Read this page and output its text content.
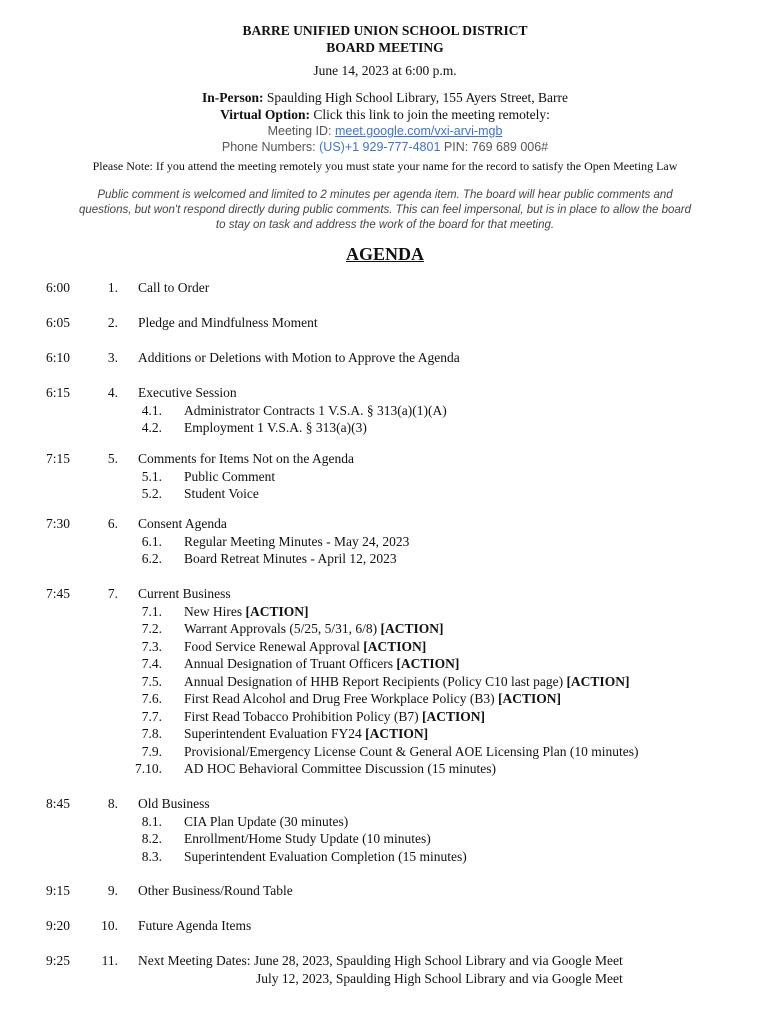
BARRE UNIFIED UNION SCHOOL DISTRICT
BOARD MEETING
June 14, 2023 at 6:00 p.m.
In-Person: Spaulding High School Library, 155 Ayers Street, Barre
Virtual Option: Click this link to join the meeting remotely:
Meeting ID: meet.google.com/vxi-arvi-mgb
Phone Numbers: (US)+1 929-777-4801 PIN: 769 689 006#
Please Note: If you attend the meeting remotely you must state your name for the record to satisfy the Open Meeting Law
Public comment is welcomed and limited to 2 minutes per agenda item. The board will hear public comments and questions, but won't respond directly during public comments. This can feel impersonal, but is in place to allow the board to stay on task and address the work of the board for that meeting.
AGENDA
6:00	1. Call to Order
6:05	2. Pledge and Mindfulness Moment
6:10	3. Additions or Deletions with Motion to Approve the Agenda
6:15	4. Executive Session
4.1. Administrator Contracts 1 V.S.A. § 313(a)(1)(A)
4.2. Employment 1 V.S.A. § 313(a)(3)
7:15	5. Comments for Items Not on the Agenda
5.1. Public Comment
5.2. Student Voice
7:30	6. Consent Agenda
6.1. Regular Meeting Minutes - May 24, 2023
6.2. Board Retreat Minutes - April 12, 2023
7:45	7. Current Business
7.1. New Hires [ACTION]
7.2. Warrant Approvals (5/25, 5/31, 6/8) [ACTION]
7.3. Food Service Renewal Approval [ACTION]
7.4. Annual Designation of Truant Officers [ACTION]
7.5. Annual Designation of HHB Report Recipients (Policy C10 last page) [ACTION]
7.6. First Read Alcohol and Drug Free Workplace Policy (B3) [ACTION]
7.7. First Read Tobacco Prohibition Policy (B7) [ACTION]
7.8. Superintendent Evaluation FY24 [ACTION]
7.9. Provisional/Emergency License Count & General AOE Licensing Plan (10 minutes)
7.10. AD HOC Behavioral Committee Discussion (15 minutes)
8:45	8. Old Business
8.1. CIA Plan Update (30 minutes)
8.2. Enrollment/Home Study Update (10 minutes)
8.3. Superintendent Evaluation Completion (15 minutes)
9:15	9. Other Business/Round Table
9:20	10. Future Agenda Items
9:25	11. Next Meeting Dates: June 28, 2023, Spaulding High School Library and via Google Meet
July 12, 2023, Spaulding High School Library and via Google Meet
